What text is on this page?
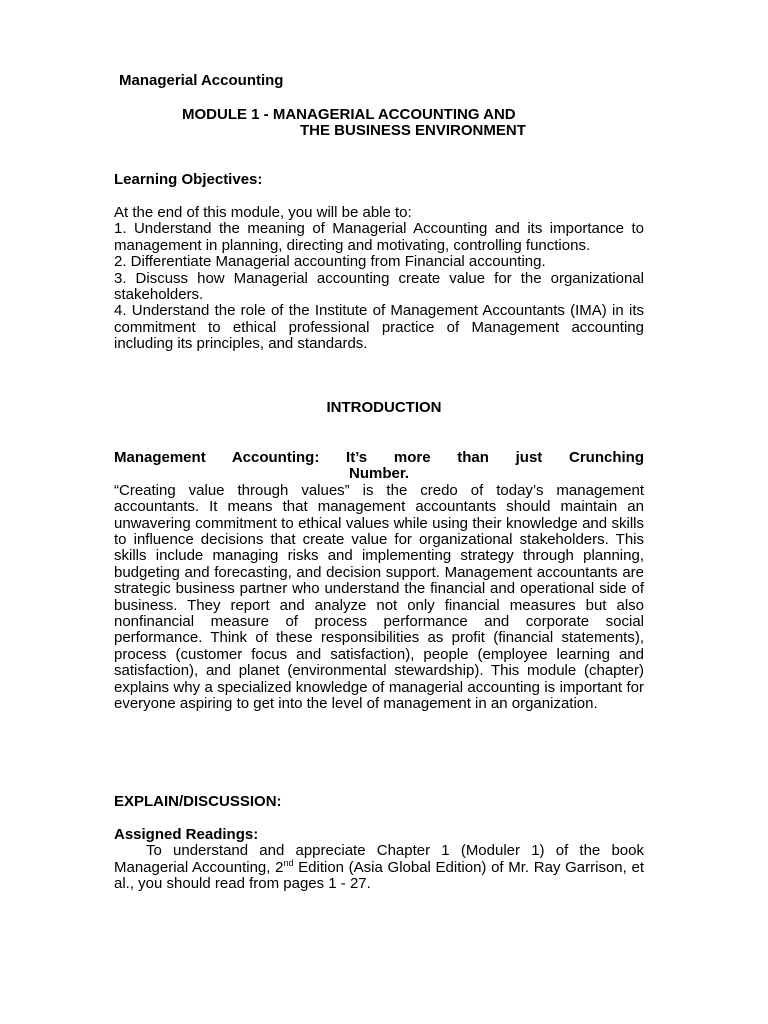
Managerial Accounting
MODULE 1 - MANAGERIAL ACCOUNTING AND
THE BUSINESS ENVIRONMENT
Learning Objectives:
At the end of this module, you will be able to:
1. Understand the meaning of Managerial Accounting and its importance to management in planning, directing and motivating, controlling functions.
2. Differentiate Managerial accounting from Financial accounting.
3. Discuss how Managerial accounting create value for the organizational stakeholders.
4. Understand the role of the Institute of Management Accountants (IMA) in its commitment to ethical professional practice of Management accounting including its principles, and standards.
INTRODUCTION
Management Accounting: It’s more than just Crunching
Number.
“Creating value through values” is the credo of today’s management accountants. It means that management accountants should maintain an unwavering commitment to ethical values while using their knowledge and skills to influence decisions that create value for organizational stakeholders. This skills include managing risks and implementing strategy through planning, budgeting and forecasting, and decision support. Management accountants are strategic business partner who understand the financial and operational side of business. They report and analyze not only financial measures but also nonfinancial measure of process performance and corporate social performance. Think of these responsibilities as profit (financial statements), process (customer focus and satisfaction), people (employee learning and satisfaction), and planet (environmental stewardship). This module (chapter) explains why a specialized knowledge of managerial accounting is important for everyone aspiring to get into the level of management in an organization.
EXPLAIN/DISCUSSION:
Assigned Readings:
To understand and appreciate Chapter 1 (Moduler 1) of the book Managerial Accounting, 2nd Edition (Asia Global Edition) of Mr. Ray Garrison, et al., you should read from pages 1 - 27.
